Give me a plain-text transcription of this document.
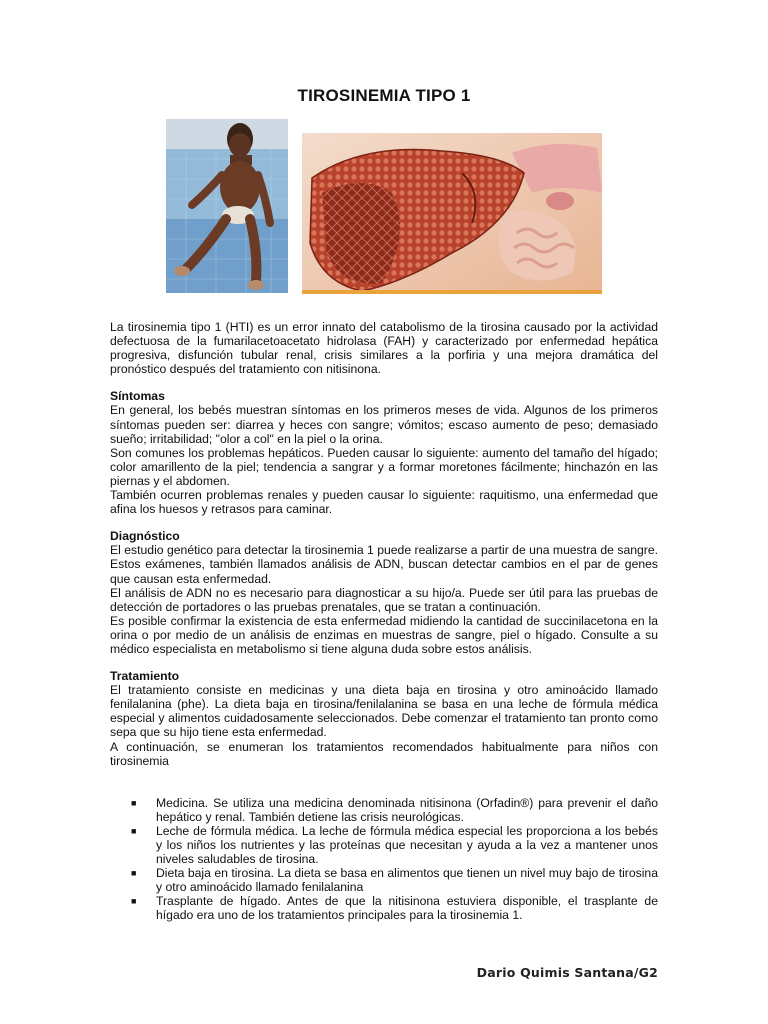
TIROSINEMIA TIPO 1

La tirosinemia tipo 1 (HTI) es un error innato del catabolismo de la tirosina causado por la actividad defectuosa de la fumarilacetoacetato hidrolasa (FAH) y caracterizado por enfermedad hepática progresiva, disfunción tubular renal, crisis similares a la porfiria y una mejora dramática del pronóstico después del tratamiento con nitisinona.

Síntomas

En general, los bebés muestran síntomas en los primeros meses de vida. Algunos de los primeros síntomas pueden ser: diarrea y heces con sangre; vómitos; escaso aumento de peso; demasiado sueño; irritabilidad; "olor a col" en la piel o la orina.

Son comunes los problemas hepáticos. Pueden causar lo siguiente: aumento del tamaño del hígado; color amarillento de la piel; tendencia a sangrar y a formar moretones fácilmente; hinchazón en las piernas y el abdomen.

También ocurren problemas renales y pueden causar lo siguiente: raquitismo, una enfermedad que afina los huesos y retrasos para caminar.

Diagnóstico

El estudio genético para detectar la tirosinemia 1 puede realizarse a partir de una muestra de sangre. Estos exámenes, también llamados análisis de ADN, buscan detectar cambios en el par de genes que causan esta enfermedad.

El análisis de ADN no es necesario para diagnosticar a su hijo/a. Puede ser útil para las pruebas de detección de portadores o las pruebas prenatales, que se tratan a continuación.

Es posible confirmar la existencia de esta enfermedad midiendo la cantidad de succinilacetona en la orina o por medio de un análisis de enzimas en muestras de sangre, piel o hígado. Consulte a su médico especialista en metabolismo si tiene alguna duda sobre estos análisis.

Tratamiento

El tratamiento consiste en medicinas y una dieta baja en tirosina y otro aminoácido llamado fenilalanina (phe). La dieta baja en tirosina/fenilalanina se basa en una leche de fórmula médica especial y alimentos cuidadosamente seleccionados. Debe comenzar el tratamiento tan pronto como sepa que su hijo tiene esta enfermedad.

A continuación, se enumeran los tratamientos recomendados habitualmente para niños con tirosinemia

■ Medicina. Se utiliza una medicina denominada nitisinona (Orfadin®) para prevenir el daño hepático y renal. También detiene las crisis neurológicas.
■ Leche de fórmula médica. La leche de fórmula médica especial les proporciona a los bebés y los niños los nutrientes y las proteínas que necesitan y ayuda a la vez a mantener unos niveles saludables de tirosina.
■ Dieta baja en tirosina. La dieta se basa en alimentos que tienen un nivel muy bajo de tirosina y otro aminoácido llamado fenilalanina
■ Trasplante de hígado. Antes de que la nitisinona estuviera disponible, el trasplante de hígado era uno de los tratamientos principales para la tirosinemia 1.
Dario Quimis Santana/G2
